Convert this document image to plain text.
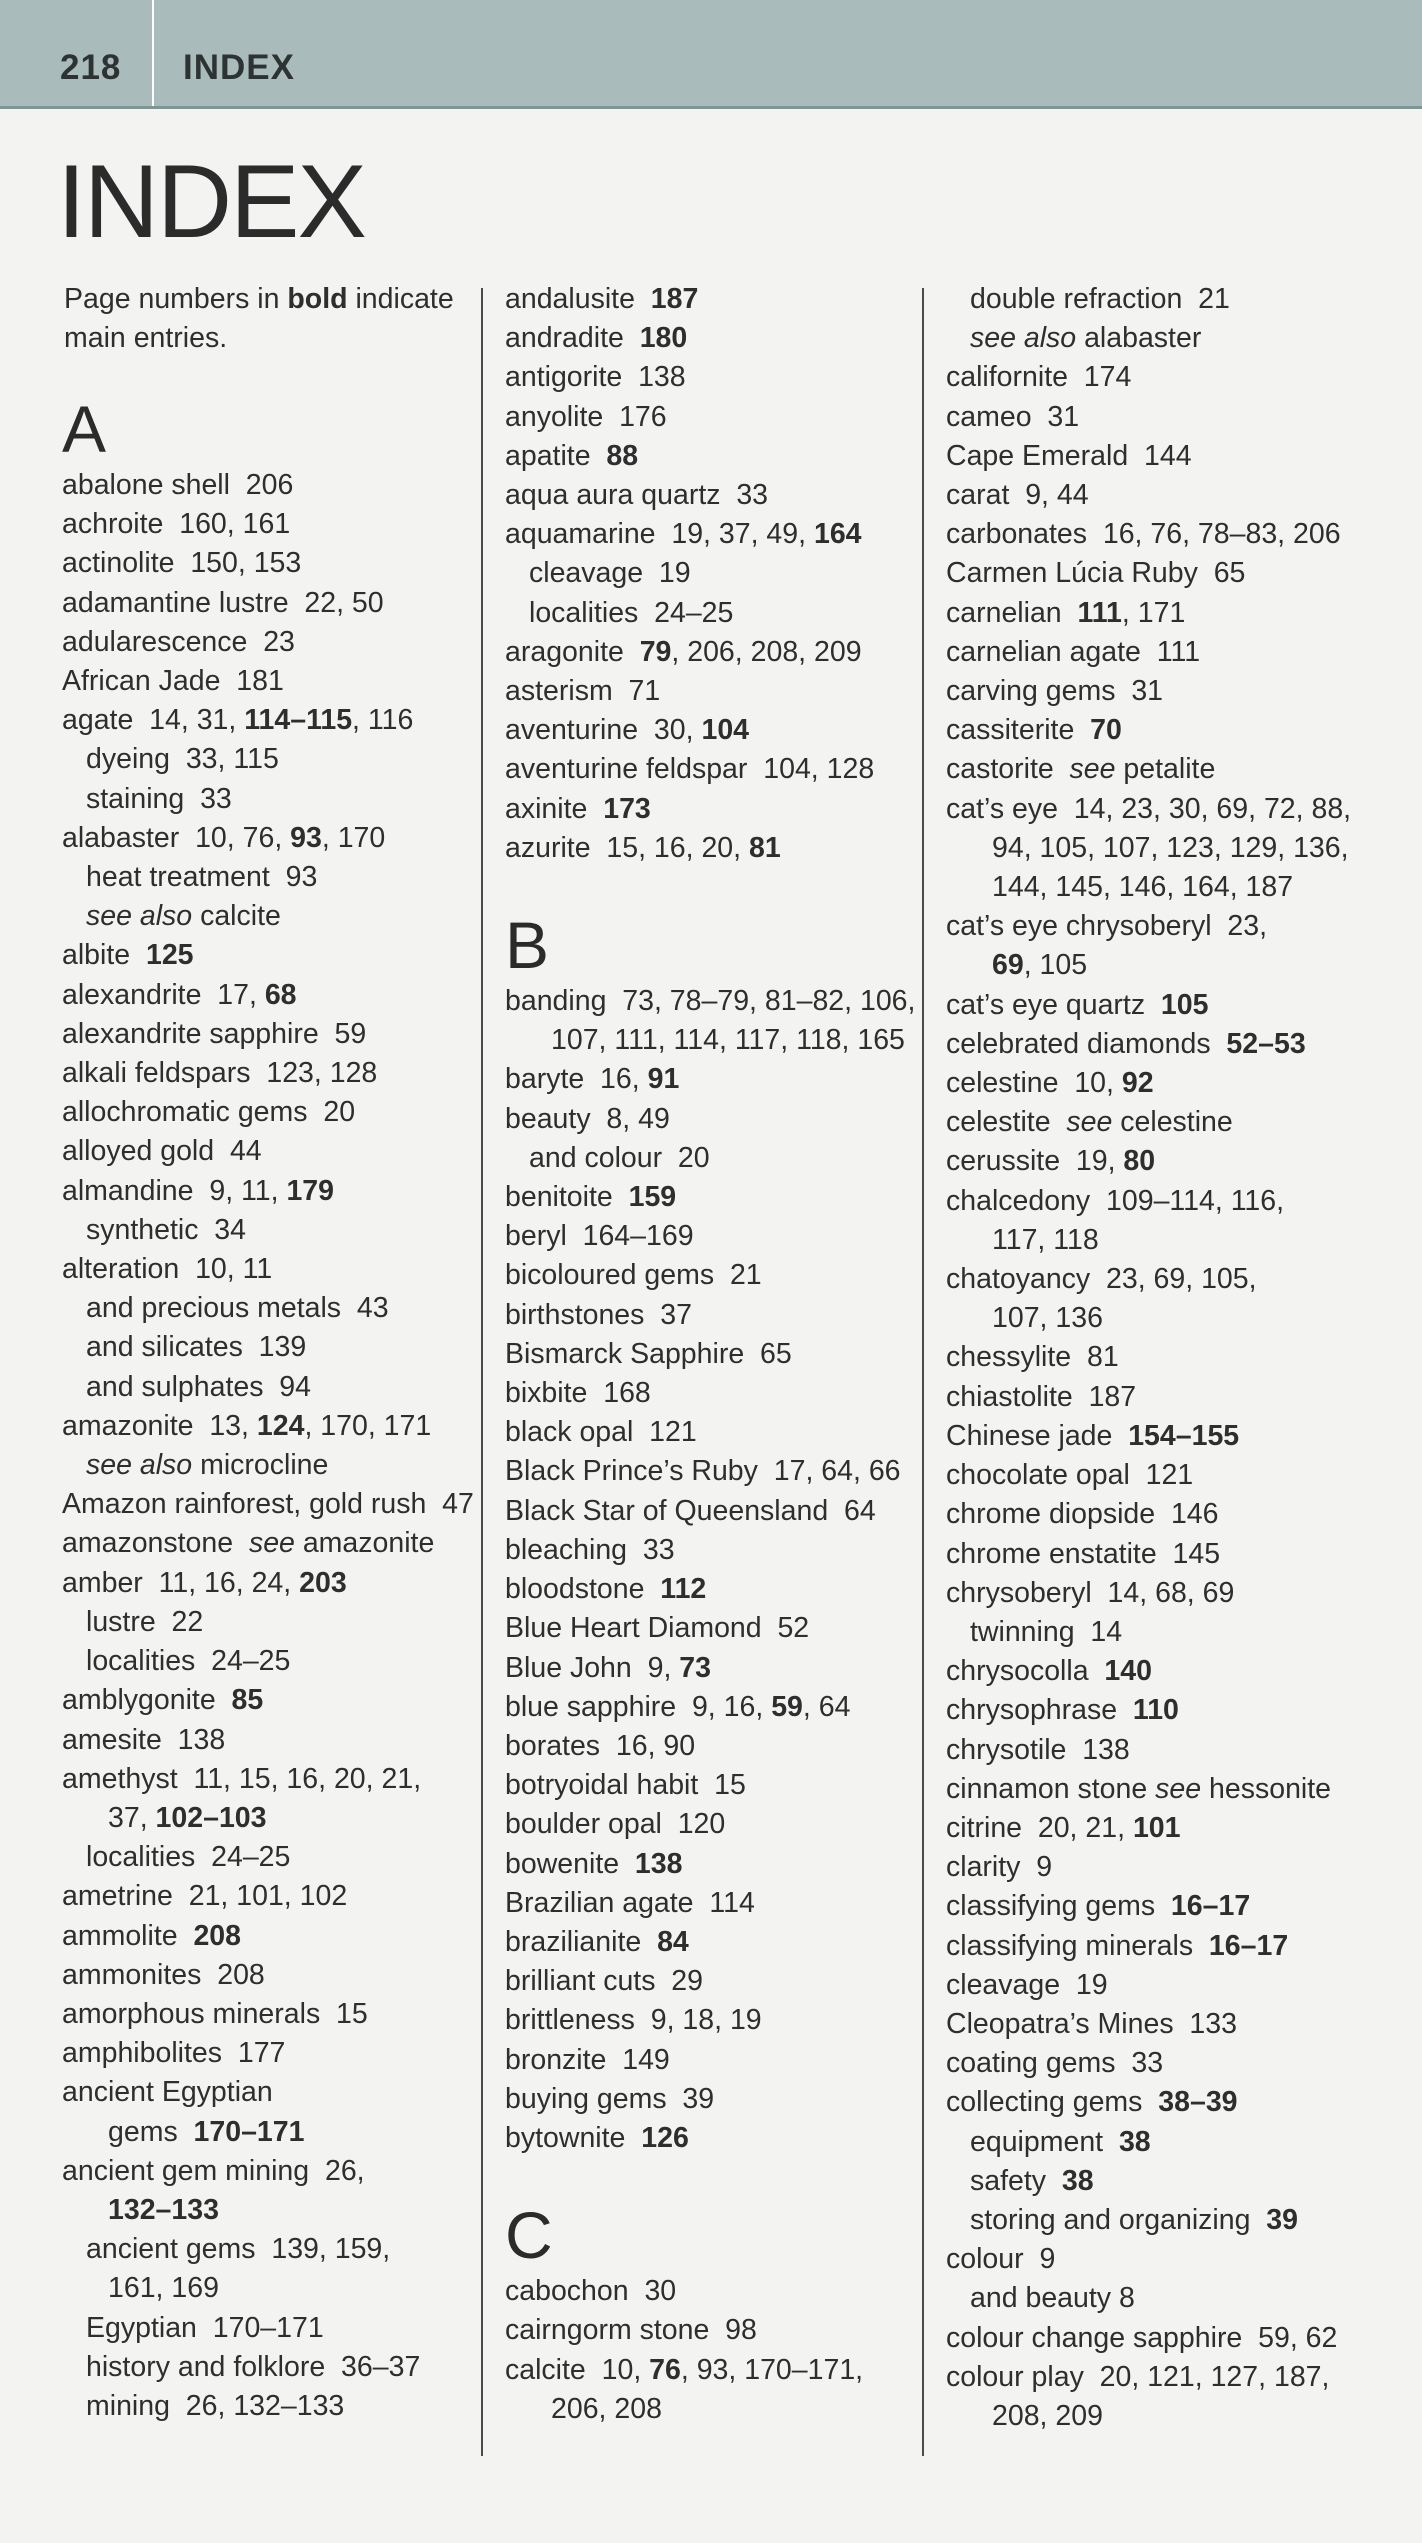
218 INDEX
INDEX
Page numbers in bold indicate
main entries.
A
abalone shell  206
achroite  160, 161
actinolite  150, 153
adamantine lustre  22, 50
adularescence  23
African Jade  181
agate  14, 31, 114–115, 116
dyeing  33, 115
staining  33
alabaster  10, 76, 93, 170
heat treatment  93
see also calcite
albite  125
alexandrite  17, 68
alexandrite sapphire  59
alkali feldspars  123, 128
allochromatic gems  20
alloyed gold  44
almandine  9, 11, 179
synthetic  34
alteration  10, 11
and precious metals  43
and silicates  139
and sulphates  94
amazonite  13, 124, 170, 171
see also microcline
Amazon rainforest, gold rush  47
amazonstone  see amazonite
amber  11, 16, 24, 203
lustre  22
localities  24–25
amblygonite  85
amesite  138
amethyst  11, 15, 16, 20, 21,
37, 102–103
localities  24–25
ametrine  21, 101, 102
ammolite  208
ammonites  208
amorphous minerals  15
amphibolites  177
ancient Egyptian
gems  170–171
ancient gem mining  26,
132–133
ancient gems  139, 159,
161, 169
Egyptian  170–171
history and folklore  36–37
mining  26, 132–133
andalusite  187
andradite  180
antigorite  138
anyolite  176
apatite  88
aqua aura quartz  33
aquamarine  19, 37, 49, 164
cleavage  19
localities  24–25
aragonite  79, 206, 208, 209
asterism  71
aventurine  30, 104
aventurine feldspar  104, 128
axinite  173
azurite  15, 16, 20, 81
B
banding  73, 78–79, 81–82, 106,
107, 111, 114, 117, 118, 165
baryte  16, 91
beauty  8, 49
and colour  20
benitoite  159
beryl  164–169
bicoloured gems  21
birthstones  37
Bismarck Sapphire  65
bixbite  168
black opal  121
Black Prince’s Ruby  17, 64, 66
Black Star of Queensland  64
bleaching  33
bloodstone  112
Blue Heart Diamond  52
Blue John  9, 73
blue sapphire  9, 16, 59, 64
borates  16, 90
botryoidal habit  15
boulder opal  120
bowenite  138
Brazilian agate  114
brazilianite  84
brilliant cuts  29
brittleness  9, 18, 19
bronzite  149
buying gems  39
bytownite  126
C
cabochon  30
cairngorm stone  98
calcite  10, 76, 93, 170–171,
206, 208
double refraction  21
see also alabaster
californite  174
cameo  31
Cape Emerald  144
carat  9, 44
carbonates  16, 76, 78–83, 206
Carmen Lúcia Ruby  65
carnelian  111, 171
carnelian agate  111
carving gems  31
cassiterite  70
castorite  see petalite
cat’s eye  14, 23, 30, 69, 72, 88,
94, 105, 107, 123, 129, 136,
144, 145, 146, 164, 187
cat’s eye chrysoberyl  23,
69, 105
cat’s eye quartz  105
celebrated diamonds  52–53
celestine  10, 92
celestite  see celestine
cerussite  19, 80
chalcedony  109–114, 116,
117, 118
chatoyancy  23, 69, 105,
107, 136
chessylite  81
chiastolite  187
Chinese jade  154–155
chocolate opal  121
chrome diopside  146
chrome enstatite  145
chrysoberyl  14, 68, 69
twinning  14
chrysocolla  140
chrysophrase  110
chrysotile  138
cinnamon stone see hessonite
citrine  20, 21, 101
clarity  9
classifying gems  16–17
classifying minerals  16–17
cleavage  19
Cleopatra’s Mines  133
coating gems  33
collecting gems  38–39
equipment  38
safety  38
storing and organizing  39
colour  9
and beauty 8
colour change sapphire  59, 62
colour play  20, 121, 127, 187,
208, 209
